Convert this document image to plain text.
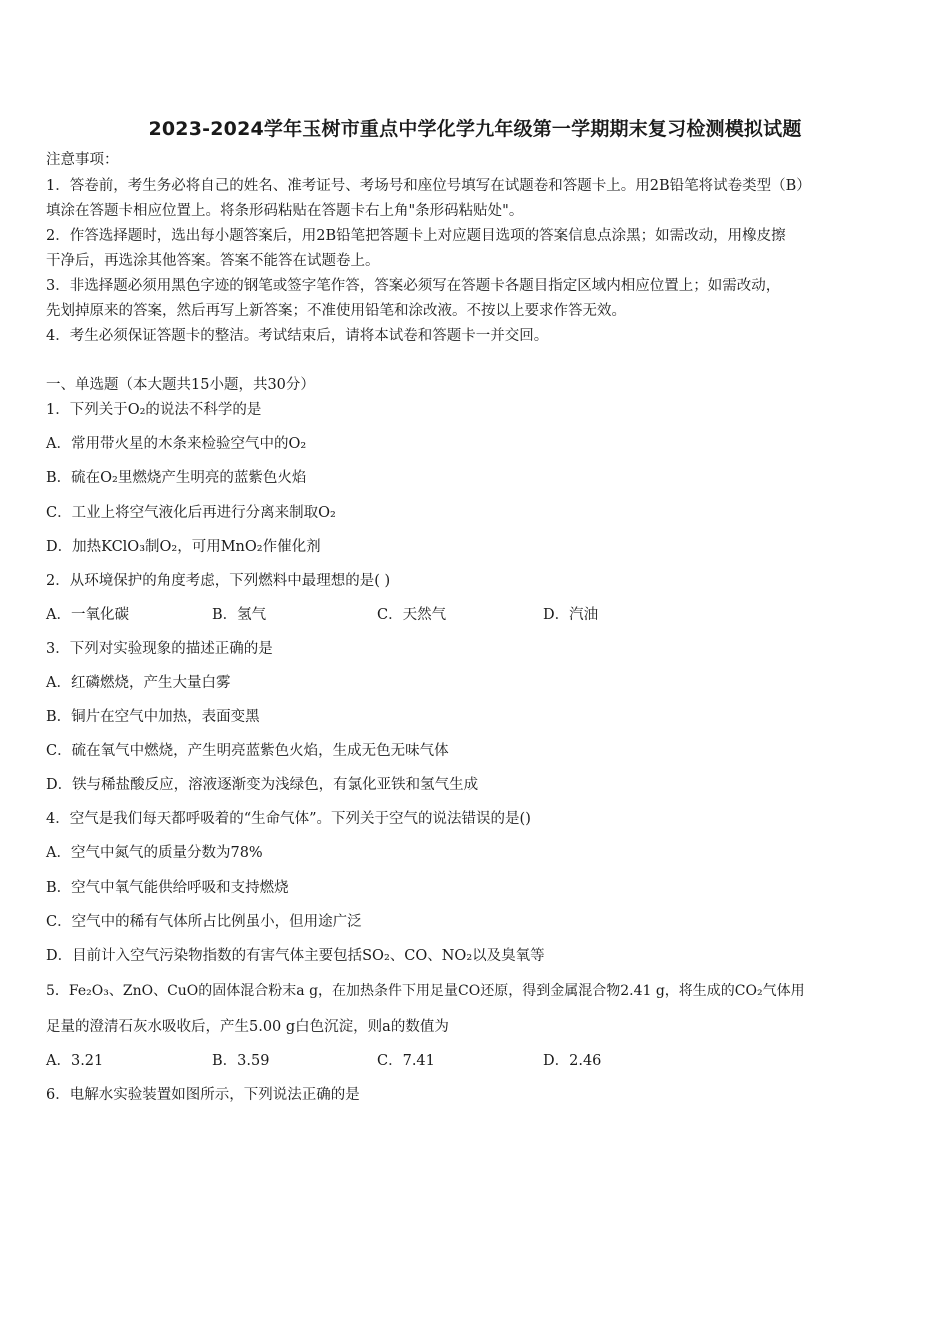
2023-2024学年玉树市重点中学化学九年级第一学期期末复习检测模拟试题
注意事项：
1．答卷前，考生务必将自己的姓名、准考证号、考场号和座位号填写在试题卷和答题卡上。用2B铅笔将试卷类型（B）
填涂在答题卡相应位置上。将条形码粘贴在答题卡右上角"条形码粘贴处"。
2．作答选择题时，选出每小题答案后，用2B铅笔把答题卡上对应题目选项的答案信息点涂黑；如需改动，用橡皮擦
干净后，再选涂其他答案。答案不能答在试题卷上。
3．非选择题必须用黑色字迹的钢笔或签字笔作答，答案必须写在答题卡各题目指定区域内相应位置上；如需改动，
先划掉原来的答案，然后再写上新答案；不准使用铅笔和涂改液。不按以上要求作答无效。
4．考生必须保证答题卡的整洁。考试结束后，请将本试卷和答题卡一并交回。
一、单选题（本大题共15小题，共30分）
1．下列关于O₂的说法不科学的是
A．常用带火星的木条来检验空气中的O₂
B．硫在O₂里燃烧产生明亮的蓝紫色火焰
C．工业上将空气液化后再进行分离来制取O₂
D．加热KClO₃制O₂，可用MnO₂作催化剂
2．从环境保护的角度考虑，下列燃料中最理想的是( )
A．一氧化碳	B．氢气	C．天然气	D．汽油
3．下列对实验现象的描述正确的是
A．红磷燃烧，产生大量白雾
B．铜片在空气中加热，表面变黑
C．硫在氧气中燃烧，产生明亮蓝紫色火焰，生成无色无味气体
D．铁与稀盐酸反应，溶液逐渐变为浅绿色，有氯化亚铁和氢气生成
4．空气是我们每天都呼吸着的“生命气体”。下列关于空气的说法错误的是()
A．空气中氮气的质量分数为78%
B．空气中氧气能供给呼吸和支持燃烧
C．空气中的稀有气体所占比例虽小，但用途广泛
D．目前计入空气污染物指数的有害气体主要包括SO₂、CO、NO₂以及臭氧等
5．Fe₂O₃、ZnO、CuO的固体混合粉末a g，在加热条件下用足量CO还原，得到金属混合物2.41 g，将生成的CO₂气体用
足量的澄清石灰水吸收后，产生5.00 g白色沉淀，则a的数值为
A．3.21	B．3.59	C．7.41	D．2.46
6．电解水实验装置如图所示，下列说法正确的是
